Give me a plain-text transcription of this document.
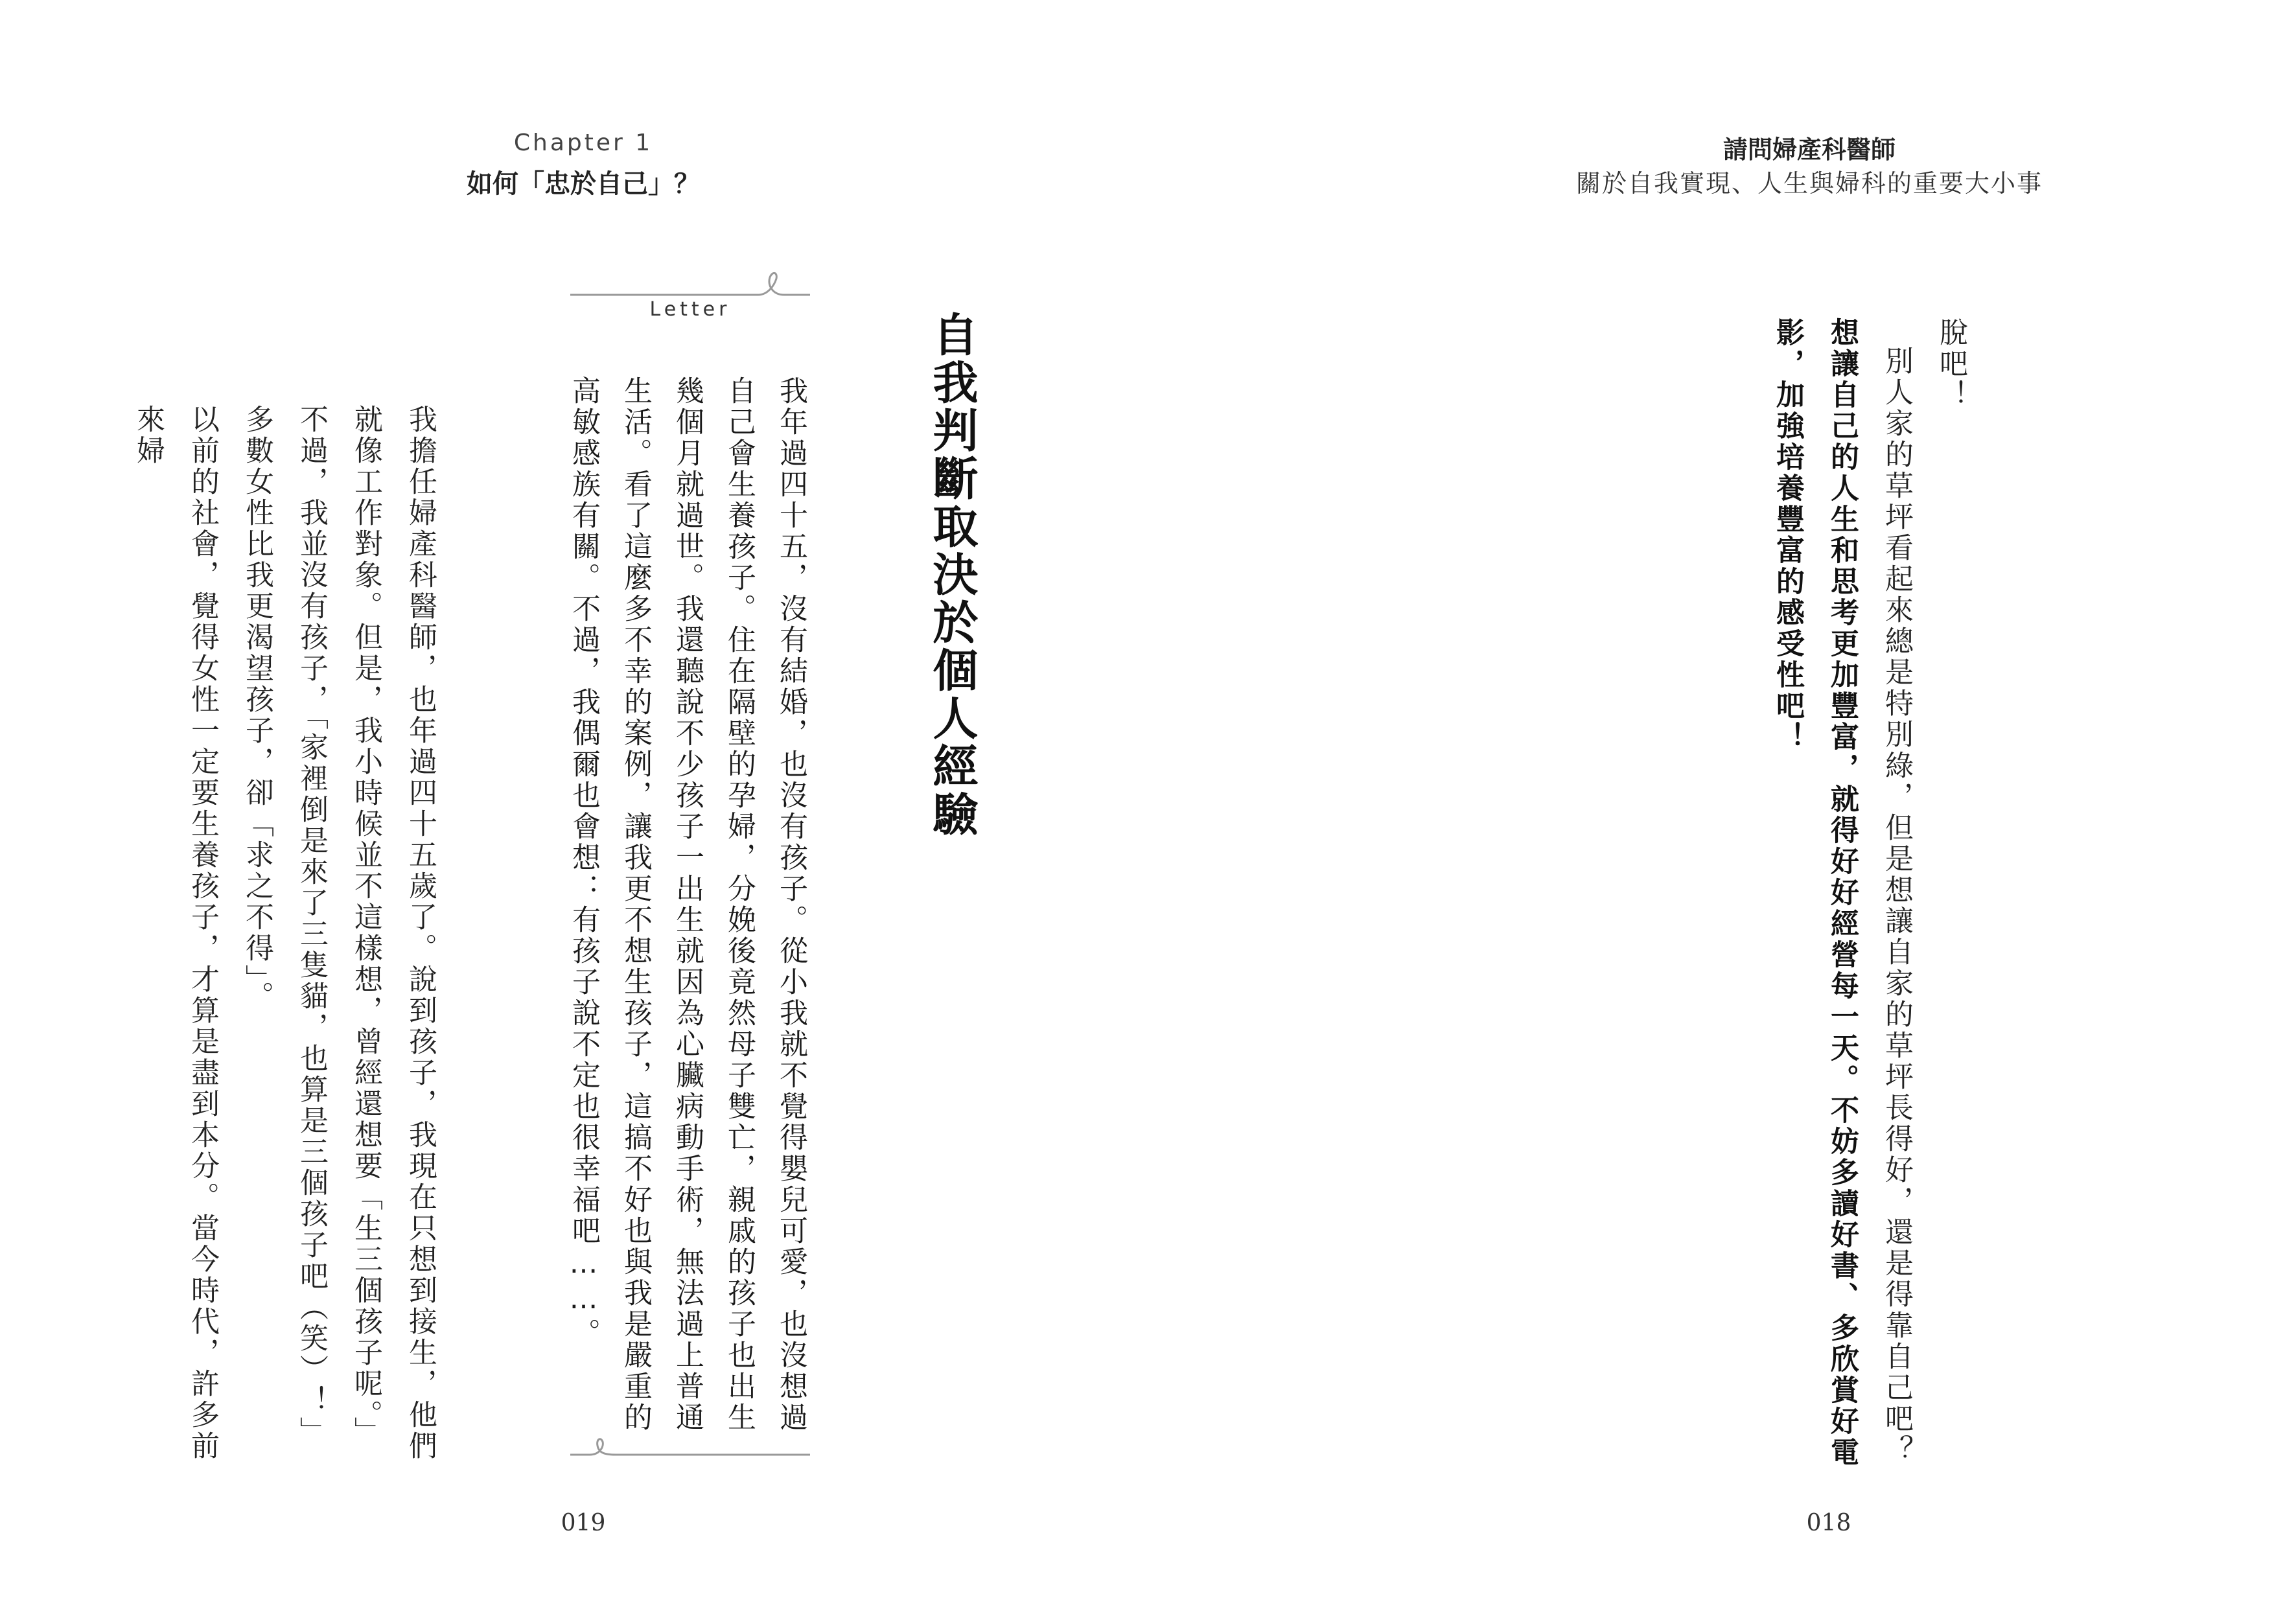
Chapter 1
如何「忠於自己」？
Letter

我年過四十五，沒有結婚，也沒有孩子。從小我就不覺得嬰兒可愛，也沒想過自己會生養孩子。住在隔壁的孕婦，分娩後竟然母子雙亡，親戚的孩子也出生幾個月就過世。我還聽說不少孩子一出生就因為心臟病動手術，無法過上普通生活。看了這麼多不幸的案例，讓我更不想生孩子，這搞不好也與我是嚴重的高敏感族有關。不過，我偶爾也會想：有孩子說不定也很幸福吧……。	自我判斷取決於個人經驗

我擔任婦產科醫師，也年過四十五歲了。說到孩子，我現在只想到接生，他們就像工作對象。但是，我小時候並不這樣想，曾經還想要「生三個孩子呢。」不過，我並沒有孩子，「家裡倒是來了三隻貓，也算是三個孩子吧（笑）！」多數女性比我更渴望孩子，卻「求之不得」。

以前的社會，覺得女性一定要生養孩子，才算是盡到本分。當今時代，許多前來婦

019
請問婦產科醫師
關於自我實現、人生與婦科的重要大小事

脫吧！

別人家的草坪看起來總是特別綠，但是想讓自家的草坪長得好，還是得靠自己吧？

想讓自己的人生和思考更加豐富，就得好好經營每一天。不妨多讀好書、多欣賞好電影，加強培養豐富的感受性吧！

018
